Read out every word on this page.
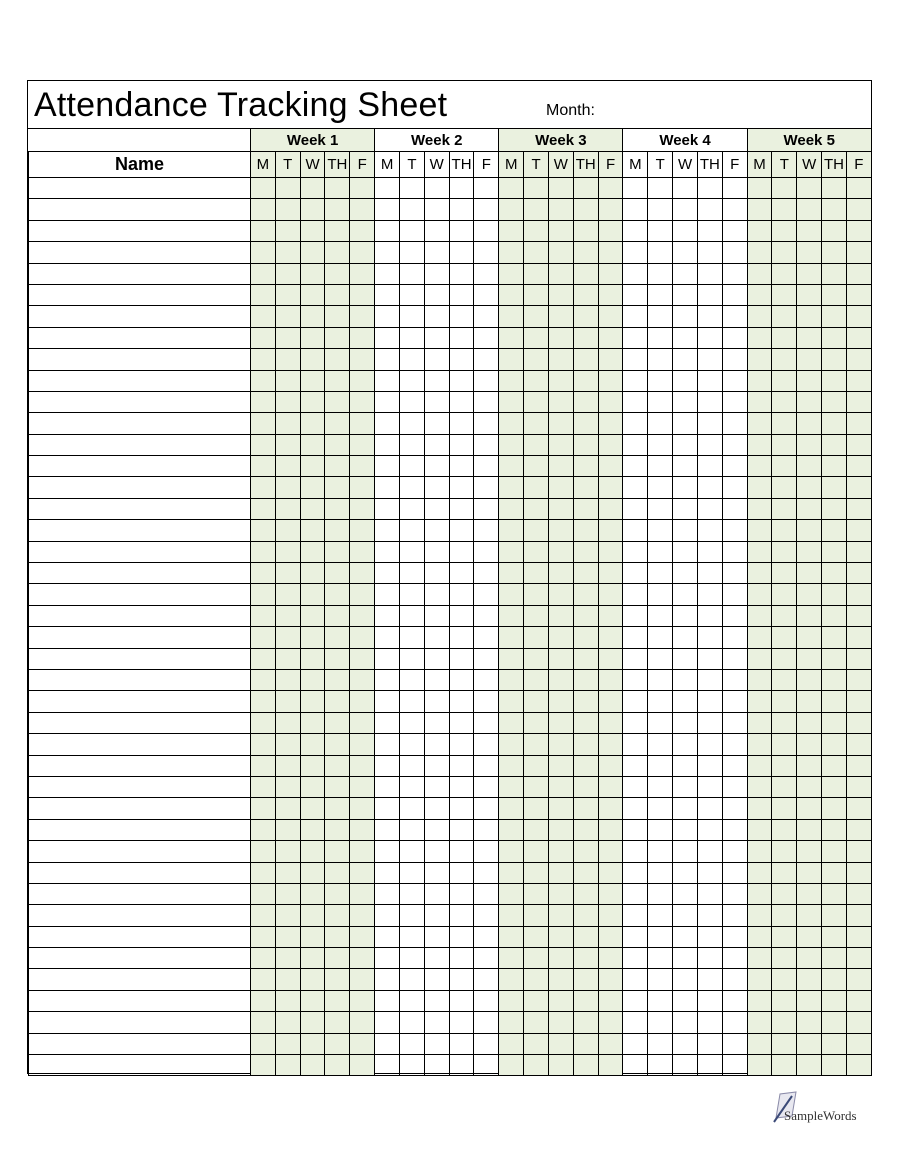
Attendance Tracking Sheet	Month:
	Week 1					Week 2					Week 3					Week 4					Week 5				
Name	M	T	W	TH	F	M	T	W	TH	F	M	T	W	TH	F	M	T	W	TH	F	M	T	W	TH	F

SampleWords
